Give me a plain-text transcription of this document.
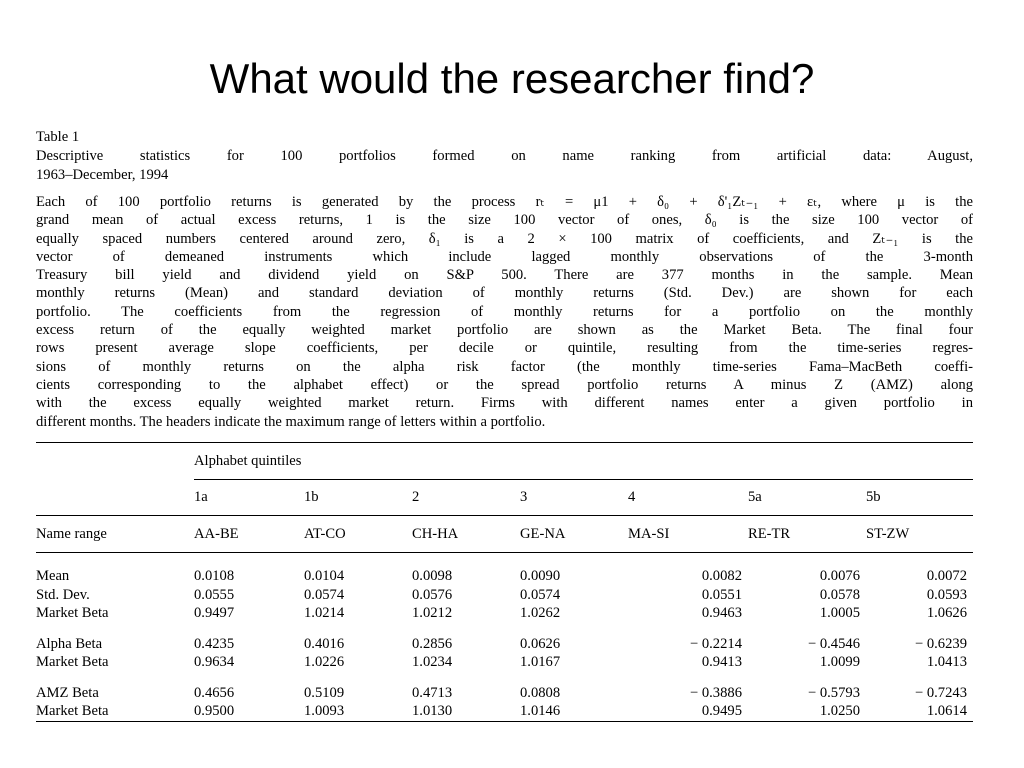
What would the researcher find?
Table 1
Descriptive statistics for 100 portfolios formed on name ranking from artificial data: August,
1963–December, 1994
Each of 100 portfolio returns is generated by the process rₜ = μ1 + δ₀ + δ'₁Zₜ₋₁ + εₜ, where μ is the
grand mean of actual excess returns, 1 is the size 100 vector of ones, δ₀ is the size 100 vector of
equally spaced numbers centered around zero, δ₁ is a 2 × 100 matrix of coefficients, and Zₜ₋₁ is the
vector of demeaned instruments which include lagged monthly observations of the 3-month
Treasury bill yield and dividend yield on S&P 500. There are 377 months in the sample. Mean
monthly returns (Mean) and standard deviation of monthly returns (Std. Dev.) are shown for each
portfolio. The coefficients from the regression of monthly returns for a portfolio on the monthly
excess return of the equally weighted market portfolio are shown as the Market Beta. The final four
rows present average slope coefficients, per decile or quintile, resulting from the time-series regres-
sions of monthly returns on the alpha risk factor (the monthly time-series Fama–MacBeth coeffi-
cients corresponding to the alphabet effect) or the spread portfolio returns A minus Z (AMZ) along
with the excess equally weighted market return. Firms with different names enter a given portfolio in
different months. The headers indicate the maximum range of letters within a portfolio.
	Alphabet quintiles						
	1a	1b	2	3	4	5a	5b
Name range	AA-BE	AT-CO	CH-HA	GE-NA	MA-SI	RE-TR	ST-ZW

Mean	0.0108	0.0104	0.0098	0.0090	0.0082	0.0076	0.0072
Std. Dev.	0.0555	0.0574	0.0576	0.0574	0.0551	0.0578	0.0593
Market Beta	0.9497	1.0214	1.0212	1.0262	0.9463	1.0005	1.0626

Alpha Beta	0.4235	0.4016	0.2856	0.0626	− 0.2214	− 0.4546	− 0.6239
Market Beta	0.9634	1.0226	1.0234	1.0167	0.9413	1.0099	1.0413

AMZ Beta	0.4656	0.5109	0.4713	0.0808	− 0.3886	− 0.5793	− 0.7243
Market Beta	0.9500	1.0093	1.0130	1.0146	0.9495	1.0250	1.0614
